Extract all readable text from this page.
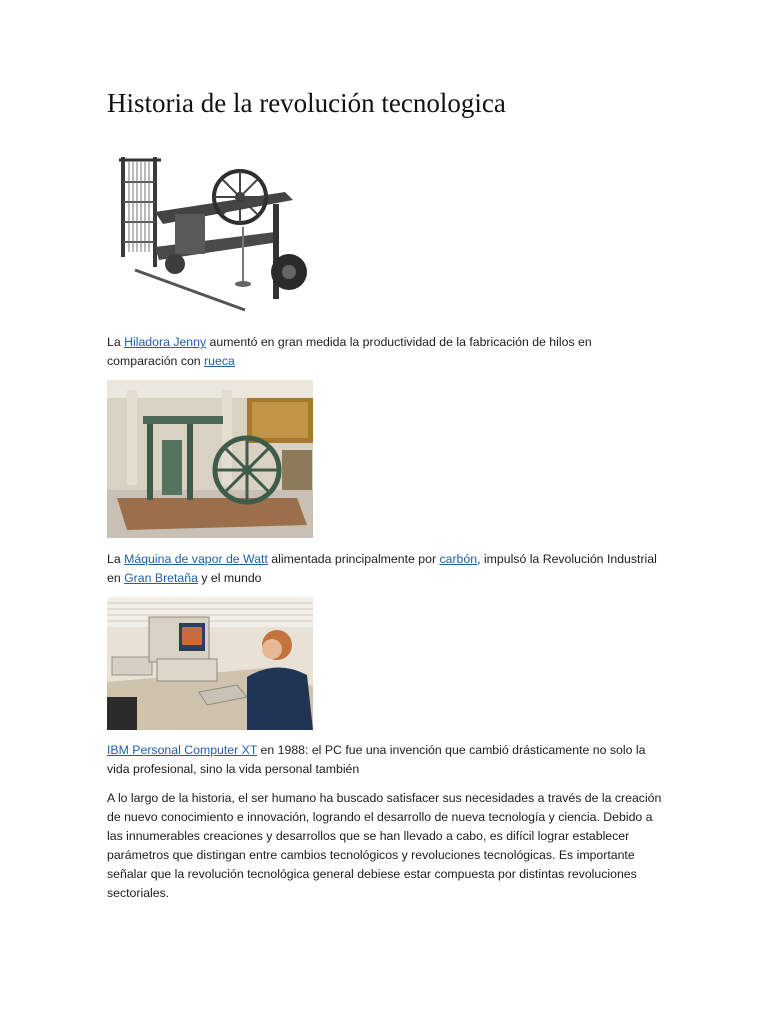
Historia de la revolución tecnologica
La Hiladora Jenny aumentó en gran medida la productividad de la fabricación de hilos en comparación con rueca
La Máquina de vapor de Watt alimentada principalmente por carbón, impulsó la Revolución Industrial en Gran Bretaña y el mundo
IBM Personal Computer XT en 1988: el PC fue una invención que cambió drásticamente no solo la vida profesional, sino la vida personal también

A lo largo de la historia, el ser humano ha buscado satisfacer sus necesidades a través de la creación de nuevo conocimiento e innovación, logrando el desarrollo de nueva tecnología y ciencia. Debido a las innumerables creaciones y desarrollos que se han llevado a cabo, es difícil lograr establecer parámetros que distingan entre cambios tecnológicos y revoluciones tecnológicas. Es importante señalar que la revolución tecnológica general debiese estar compuesta por distintas revoluciones sectoriales.
